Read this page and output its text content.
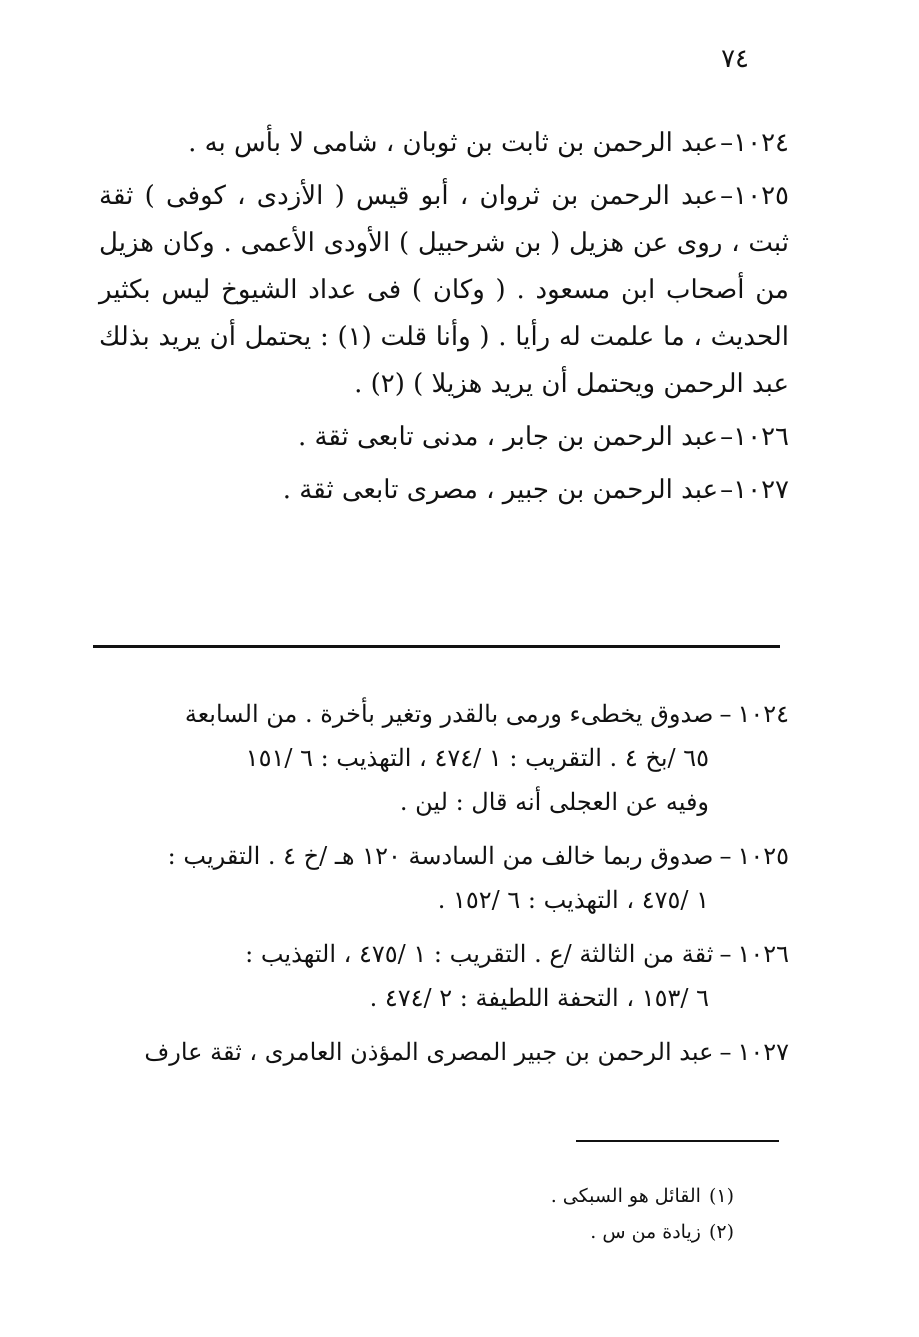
٧٤
١٠٢٤–عبد الرحمن بن ثابت بن ثوبان ، شامى لا بأس به .
١٠٢٥–عبد الرحمن بن ثروان ، أبو قيس ( الأزدى ، كوفى ) ثقة ثبت ، روى عن هزيل ( بن شرحبيل ) الأودى الأعمى . وكان هزيل من أصحاب ابن مسعود . ( وكان ) فى عداد الشيوخ ليس بكثير الحديث ، ما علمت له رأيا . ( وأنا قلت (١) : يحتمل أن يريد بذلك عبد الرحمن ويحتمل أن يريد هزيلا ) (٢) .
١٠٢٦–عبد الرحمن بن جابر ، مدنى تابعى ثقة .
١٠٢٧–عبد الرحمن بن جبير ، مصرى تابعى ثقة .
١٠٢٤–صدوق يخطىء ورمى بالقدر وتغير بأخرة . من السابعة
٦٥ /بخ ٤ . التقريب : ١ /٤٧٤ ، التهذيب : ٦ /١٥١
وفيه عن العجلى أنه قال : لين .
١٠٢٥–صدوق ربما خالف من السادسة ١٢٠ هـ /خ ٤ . التقريب :
١ /٤٧٥ ، التهذيب : ٦ /١٥٢ .
١٠٢٦–ثقة من الثالثة /ع . التقريب : ١ /٤٧٥ ، التهذيب :
٦ /١٥٣ ، التحفة اللطيفة : ٢ /٤٧٤ .
١٠٢٧–عبد الرحمن بن جبير المصرى المؤذن العامرى ، ثقة عارف
(١)القائل هو السبكى .
(٢)زيادة من س .
